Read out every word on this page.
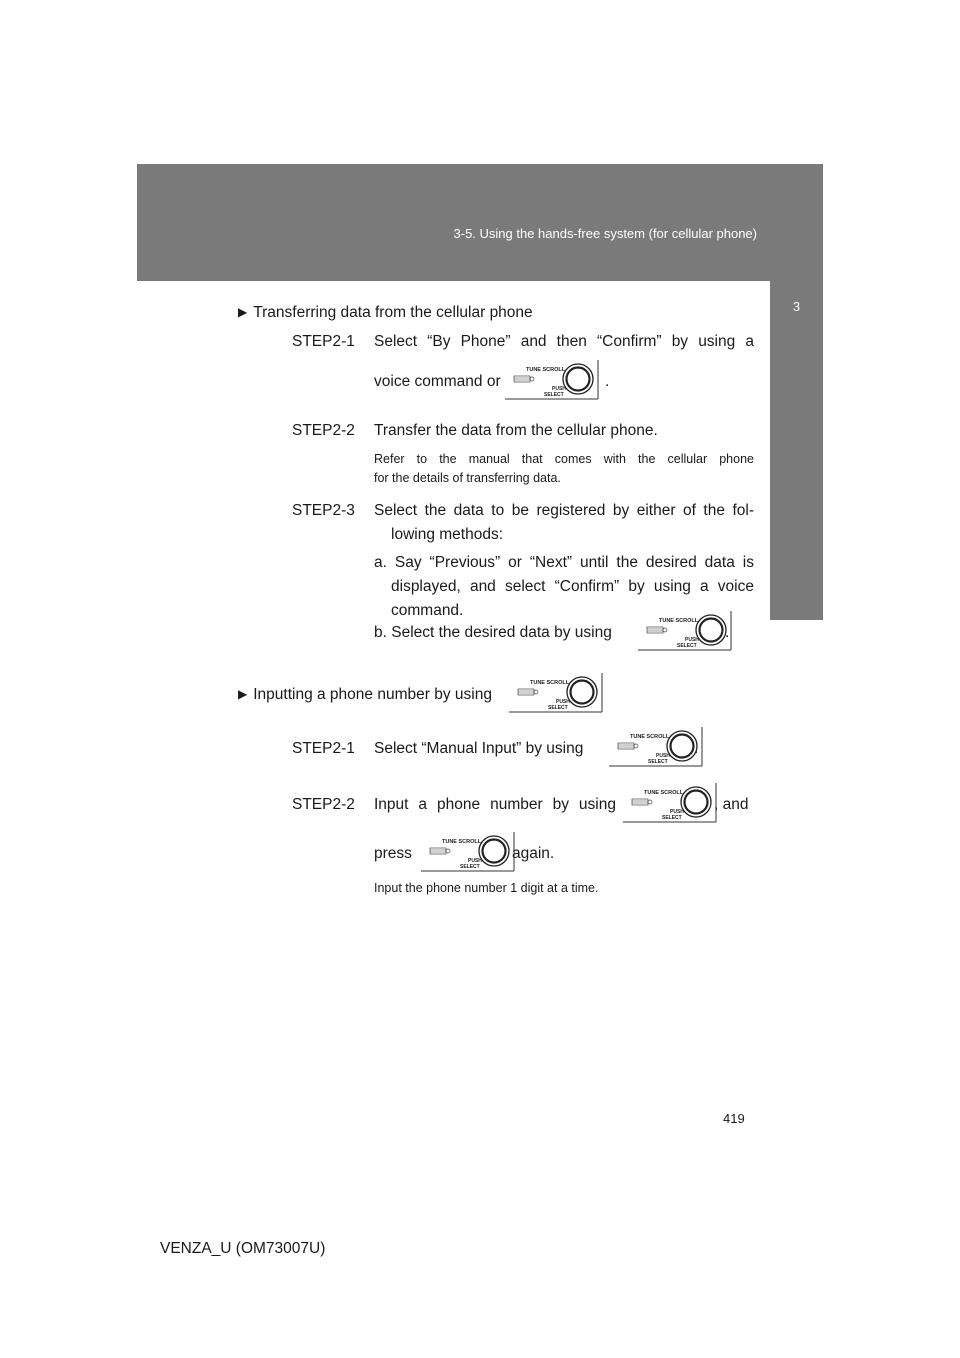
3-5. Using the hands-free system (for cellular phone)
3
Interior features
▶ Transferring data from the cellular phone
STEP2-1 Select “By Phone” and then “Confirm” by using a
voice command or	.
STEP2-2 Transfer the data from the cellular phone.
Refer to the manual that comes with the cellular phone
for the details of transferring data.
STEP2-3 Select the data to be registered by either of the fol-
lowing methods:
a. Say “Previous” or “Next” until the desired data is
displayed, and select “Confirm” by using a voice
command.
b. Select the desired data by using	.
▶ Inputting a phone number by using
STEP2-1 Select “Manual Input” by using	.
STEP2-2 Input a phone number by using	, and
press	again.
Input the phone number 1 digit at a time.
419
VENZA_U (OM73007U)
